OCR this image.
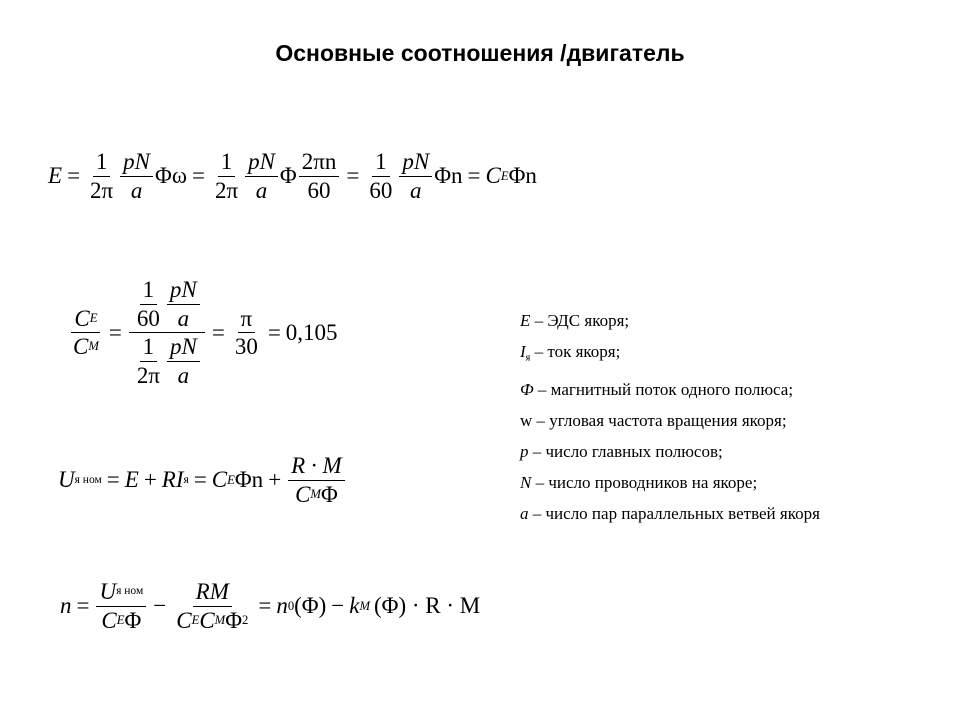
Основные соотношения /двигатель
$E = \frac{1}{2\pi}$ pN
a
$\Phi\omega = \frac{1}{2\pi}$ pN
a
Φ $\frac{2\pi n}{60} = \frac{1}{60}$ pN
a
Φn = C E Φn
$\frac{\text{C E}}{\text{C M}}$ =
1
60
pN
a
1
2π
pN
a
= $\frac{\pi}{30} = 0,105$
U я ном = E + RI я = C E Φn +
R · M
C M Φ
n =
U я ном
C E Φ
−
RM
C E C M Φ 2
= n 0 (Φ) − k M (Φ) · R · M
E – ЭДС якоря;
$I_я$ – ток якоря;
Ф – магнитный поток одного полюса;
w – угловая частота вращения якоря;
p – число главных полюсов;
N – число проводников на якоре;
a – число пар параллельных ветвей якоря
